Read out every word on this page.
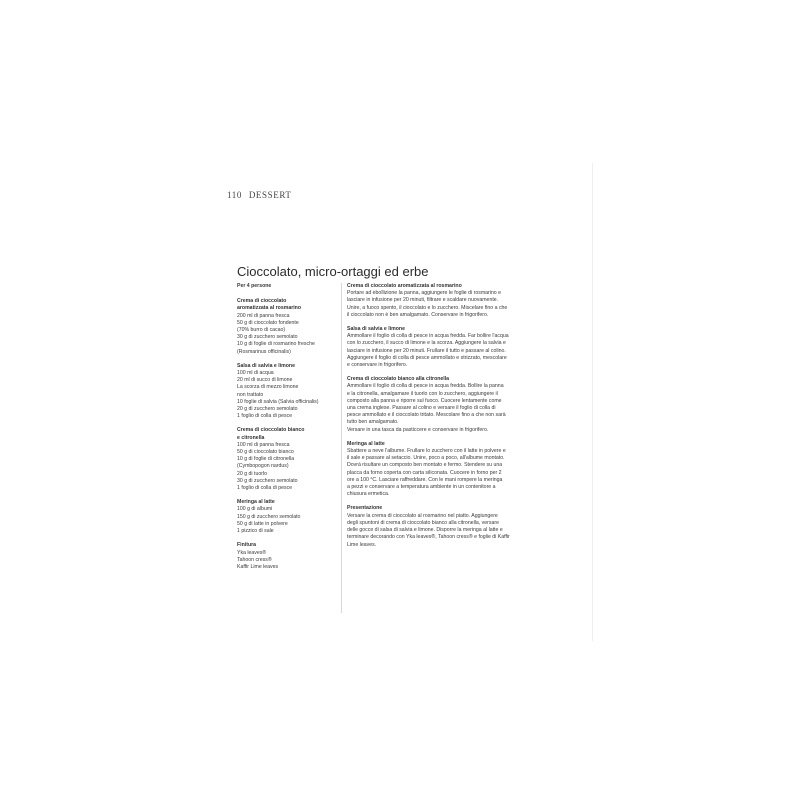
110 DESSERT
Cioccolato, micro-ortaggi ed erbe
Per 4 persone
Crema di cioccolato
aromatizzata al rosmarino
200 ml di panna fresca
50 g di cioccolato fondente
(70% burro di cacao)
30 g di zucchero semolato
10 g di foglie di rosmarino fresche
(Rosmarinus officinalis)
Salsa di salvia e limone
100 ml di acqua
20 ml di succo di limone
La scorza di mezzo limone
non trattato
10 foglie di salvia (Salvia officinalis)
20 g di zucchero semolato
1 foglio di colla di pesce
Crema di cioccolato bianco
e citronella
100 ml di panna fresca
50 g di cioccolato bianco
10 g di foglie di citronella
(Cymbopogon nardus)
20 g di tuorlo
30 g di zucchero semolato
1 foglio di colla di pesce
Meringa al latte
100 g di albumi
150 g di zucchero semolato
50 g di latte in polvere
1 pizzico di sale
Finitura
Yka leaves®
Tahoon cress®
Kaffir Lime leaves
Crema di cioccolato aromatizzata al rosmarino
Portare ad ebollizione la panna, aggiungere le foglie di rosmarino e
lasciare in infusione per 20 minuti, filtrare e scaldare nuovamente.
Unire, a fuoco spento, il cioccolato e lo zucchero. Miscelare fino a che
il cioccolato non è ben amalgamato. Conservare in frigorifero.
Salsa di salvia e limone
Ammollare il foglio di colla di pesce in acqua fredda. Far bollire l'acqua
con lo zucchero, il succo di limone e la scorza. Aggiungere la salvia e
lasciare in infusione per 20 minuti. Frullare il tutto e passare al colino.
Aggiungere il foglio di colla di pesce ammollato e strizzato, mescolare
e conservare in frigorifero.
Crema di cioccolato bianco alla citronella
Ammollare il foglio di colla di pesce in acqua fredda. Bollire la panna
e la citronella, amalgamare il tuorlo con lo zucchero, aggiungere il
composto alla panna e riporre sul fuoco. Cuocere lentamente come
una crema inglese. Passare al colino e versare il foglio di colla di
pesce ammollato e il cioccolato tritato. Mescolare fino a che non sarà
tutto ben amalgamato.
Versare in una tasca da pasticcere e conservare in frigorifero.
Meringa al latte
Sbattere a neve l'albume. Frullare lo zucchero con il latte in polvere e
il sale e passare al setaccio. Unire, poco a poco, all'albume montato.
Dovrà risultare un composto ben montato e fermo. Stendere su una
placca da forno coperta con carta siliconata. Cuocere in forno per 2
ore a 100 °C. Lasciare raffreddare. Con le mani rompere la meringa
a pezzi e conservare a temperatura ambiente in un contenitore a
chiusura ermetica.
Presentazione
Versare la crema di cioccolato al rosmarino nel piatto. Aggiungere
degli spuntoni di crema di cioccolato bianco alla citronella, versare
delle gocce di salsa di salvia e limone. Disporre la meringa al latte e
terminare decorando con Yka leaves®, Tahoon cress® e foglie di Kaffir
Lime leaves.
